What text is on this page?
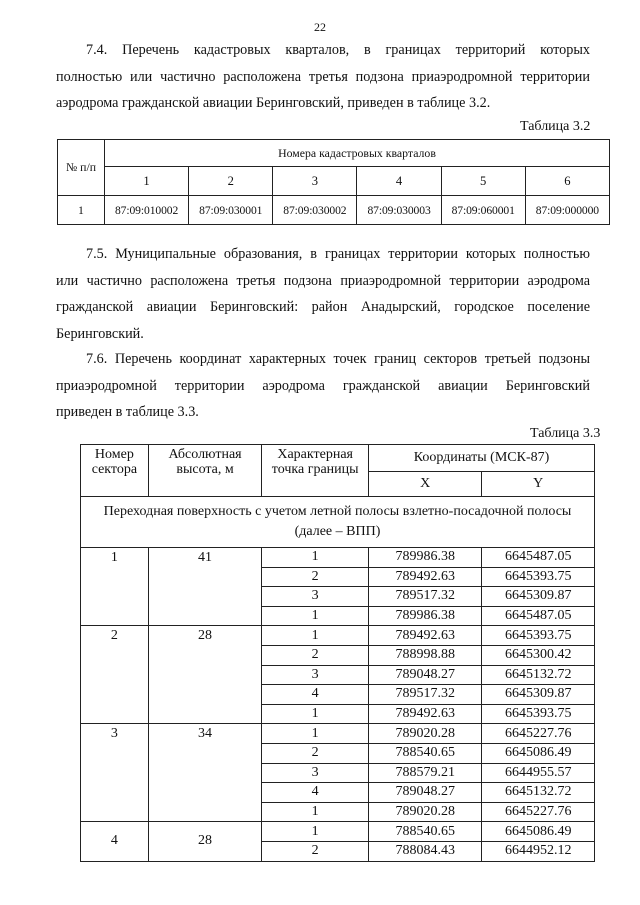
22
7.4. Перечень кадастровых кварталов, в границах территорий которых
полностью или частично расположена третья подзона приаэродромной территории
аэродрома гражданской авиации Беринговский, приведен в таблице 3.2.
Таблица 3.2
№ п/п	Номера кадастровых кварталов					
	1	2	3	4	5	6
1	87:09:010002	87:09:030001	87:09:030002	87:09:030003	87:09:060001	87:09:000000
7.5. Муниципальные образования, в границах территории которых полностью
или частично расположена третья подзона приаэродромной территории аэродрома
гражданской авиации Беринговский: район Анадырский, городское поселение
Беринговский.
7.6. Перечень координат характерных точек границ секторов третьей подзоны
приаэродромной территории аэродрома гражданской авиации Беринговский
приведен в таблице 3.3.
Таблица 3.3
Номер сектора	Абсолютная высота, м	Характерная точка границы	Координаты (МСК-87)	
			X	Y
Переходная поверхность с учетом летной полосы взлетно-посадочной полосы (далее – ВПП)				
1	41	1	789986.38	6645487.05
		2	789492.63	6645393.75
		3	789517.32	6645309.87
		1	789986.38	6645487.05
2	28	1	789492.63	6645393.75
		2	788998.88	6645300.42
		3	789048.27	6645132.72
		4	789517.32	6645309.87
		1	789492.63	6645393.75
3	34	1	789020.28	6645227.76
		2	788540.65	6645086.49
		3	788579.21	6644955.57
		4	789048.27	6645132.72
		1	789020.28	6645227.76
4	28	1	788540.65	6645086.49
		2	788084.43	6644952.12
